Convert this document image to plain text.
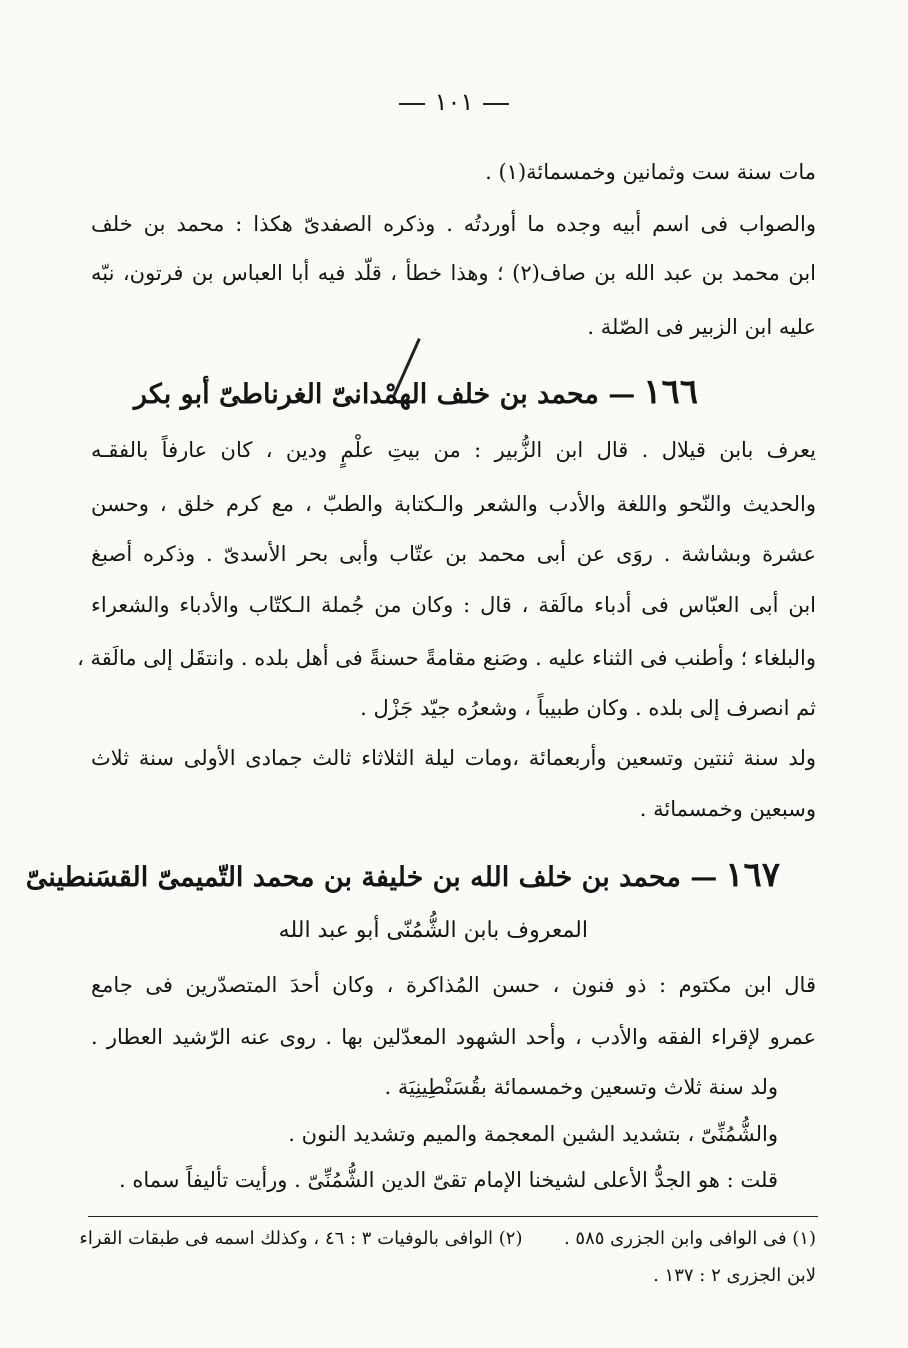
١٠١
مات سنة ست وثمانين وخمسمائة(١) .
والصواب فى اسم أبيه وجده ما أوردتُه . وذكره الصفدىّ هكذا : محمد بن خلف
ابن محمد بن عبد الله بن صاف(٢) ؛ وهذا خطأ ، قلّد فيه أبا العباس بن فرتون، نبّه
عليه ابن الزبير فى الصّلة .
١٦٦— محمد بن خلف الهمْدانىّ الغرناطىّ أبو بكر
يعرف بابن قيلال . قال ابن الزُّبير : من بيتِ علْمٍ ودين ، كان عارفاً بالفقـه
والحديث والنّحو واللغة والأدب والشعر والـكتابة والطبّ ، مع كرم خلق ، وحسن
عشرة وبشاشة . روَى عن أبى محمد بن عتّاب وأبى بحر الأسدىّ . وذكره أصبغ
ابن أبى العبّاس فى أدباء مالَقة ، قال : وكان من جُملة الـكتّاب والأدباء والشعراء
والبلغاء ؛ وأطنب فى الثناء عليه . وصَنع مقامةً حسنةً فى أهل بلده . وانتقَل إلى مالَقة ،
ثم انصرف إلى بلده . وكان طبيباً ، وشعرُه جيّد جَزْل .
ولد سنة ثنتين وتسعين وأربعمائة ،ومات ليلة الثلاثاء ثالث جمادى الأولى سنة ثلاث
وسبعين وخمسمائة .
١٦٧— محمد بن خلف الله بن خليفة بن محمد التّميمىّ القسَنطينىّ
المعروف بابن الشُّمُنّى أبو عبد الله
قال ابن مكتوم : ذو فنون ، حسن المُذاكرة ، وكان أحدَ المتصدّرين فى جامع
عمرو لإقراء الفقه والأدب ، وأحد الشهود المعدّلين بها . روى عنه الرّشيد العطار .
ولد سنة ثلاث وتسعين وخمسمائة بقُسَنْطِينِيَة .
والشُّمُنِّىّ ، بتشديد الشين المعجمة والميم وتشديد النون .
قلت : هو الجدُّ الأعلى لشيخنا الإمام تقىّ الدين الشُّمُنِّىّ . ورأيت تأليفاً سماه .
(١) فى الوافى وابن الجزرى ٥٨٥ .  (٢) الوافى بالوفيات ٣ : ٤٦ ، وكذلك اسمه فى طبقات القراء
لابن الجزرى ٢ : ١٣٧ .
